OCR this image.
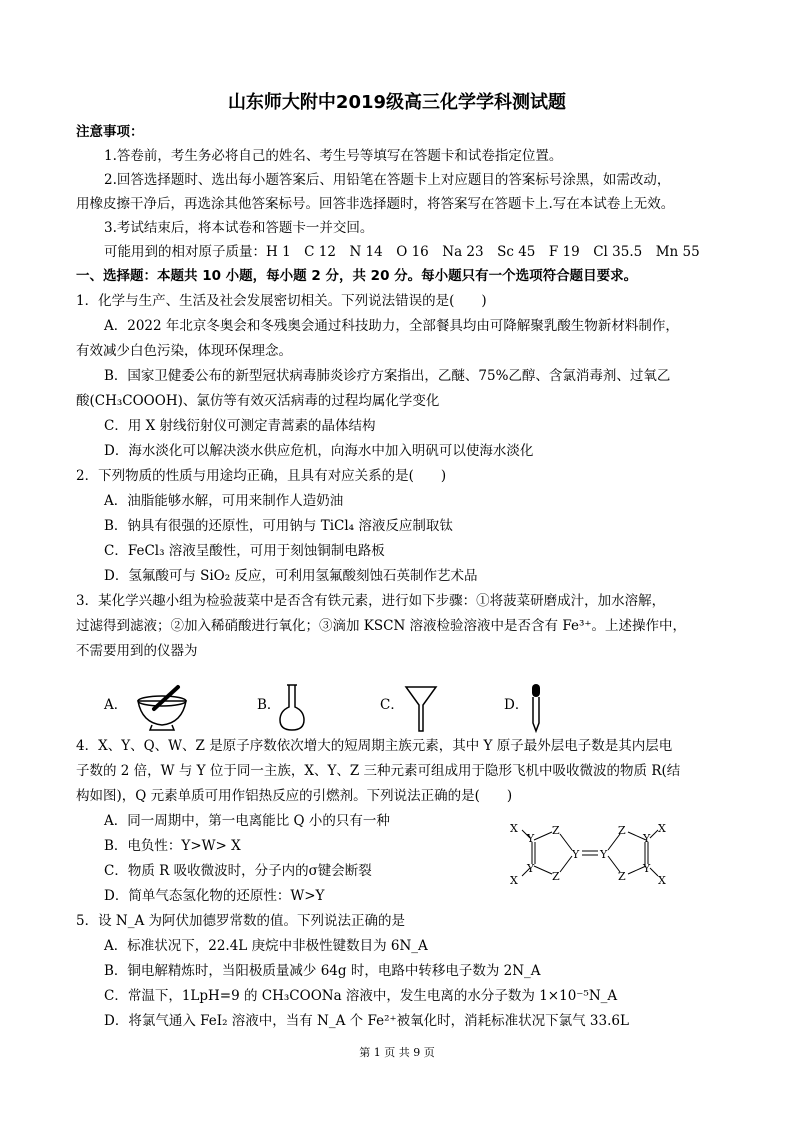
山东师大附中2019级高三化学学科测试题
注意事项：
1.答卷前，考生务必将自己的姓名、考生号等填写在答题卡和试卷指定位置。
2.回答选择题时、选出每小题答案后、用铅笔在答题卡上对应题目的答案标号涂黑，如需改动，
用橡皮擦干净后，再选涂其他答案标号。回答非选择题时，将答案写在答题卡上.写在本试卷上无效。
3.考试结束后，将本试卷和答题卡一并交回。
可能用到的相对原子质量：H 1　C 12　N 14　O 16　Na 23　Sc 45　F 19　Cl 35.5　Mn 55
一、选择题：本题共 10 小题，每小题 2 分，共 20 分。每小题只有一个选项符合题目要求。
1．化学与生产、生活及社会发展密切相关。下列说法错误的是(　　)
A．2022 年北京冬奥会和冬残奥会通过科技助力，全部餐具均由可降解聚乳酸生物新材料制作，
有效减少白色污染，体现环保理念。
B．国家卫健委公布的新型冠状病毒肺炎诊疗方案指出，乙醚、75%乙醇、含氯消毒剂、过氧乙
酸(CH₃COOOH)、氯仿等有效灭活病毒的过程均属化学变化
C．用 X 射线衍射仪可测定青蒿素的晶体结构
D．海水淡化可以解决淡水供应危机，向海水中加入明矾可以使海水淡化
2．下列物质的性质与用途均正确，且具有对应关系的是(　　)
A．油脂能够水解，可用来制作人造奶油
B．钠具有很强的还原性，可用钠与 TiCl₄ 溶液反应制取钛
C．FeCl₃ 溶液呈酸性，可用于刻蚀铜制电路板
D．氢氟酸可与 SiO₂ 反应，可利用氢氟酸刻蚀石英制作艺术品
3．某化学兴趣小组为检验菠菜中是否含有铁元素，进行如下步骤：①将菠菜研磨成汁，加水溶解，
过滤得到滤液；②加入稀硝酸进行氧化；③滴加 KSCN 溶液检验溶液中是否含有 Fe³⁺。上述操作中，
不需要用到的仪器为
A．	B．	C．	D．
4．X、Y、Q、W、Z 是原子序数依次增大的短周期主族元素，其中 Y 原子最外层电子数是其内层电
子数的 2 倍，W 与 Y 位于同一主族，X、Y、Z 三种元素可组成用于隐形飞机中吸收微波的物质 R(结
构如图)，Q 元素单质可用作铝热反应的引燃剂。下列说法正确的是(　　)
A．同一周期中，第一电离能比 Q 小的只有一种
B．电负性：Y>W> X
C．物质 R 吸收微波时，分子内的σ键会断裂
D．简单气态氢化物的还原性：W>Y
X
X
Y
Y
Z
Z
Y Y
Z
Z
Y
Y
X
X
5．设 N_A 为阿伏加德罗常数的值。下列说法正确的是
A．标准状况下，22.4L 庚烷中非极性键数目为 6N_A
B．铜电解精炼时，当阳极质量减少 64g 时，电路中转移电子数为 2N_A
C．常温下，1LpH=9 的 CH₃COONa 溶液中，发生电离的水分子数为 1×10⁻⁵N_A
D．将氯气通入 FeI₂ 溶液中，当有 N_A 个 Fe²⁺被氧化时，消耗标准状况下氯气 33.6L
第 1 页 共 9 页
